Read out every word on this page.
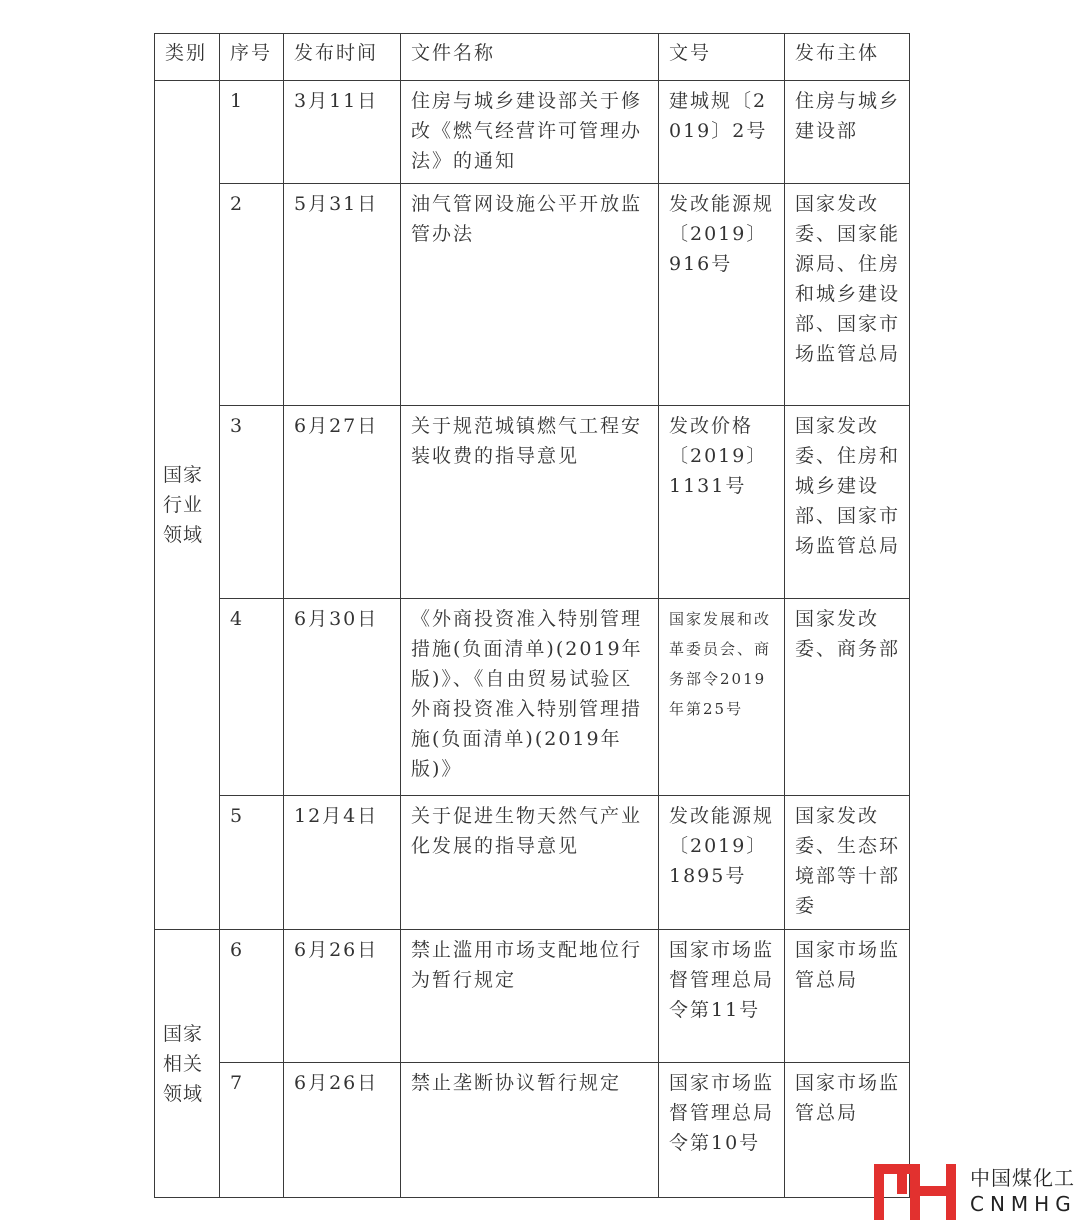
类别	序号	发布时间	文件名称	文号	发布主体
国家行业领域	1	3月11日	住房与城乡建设部关于修改《燃气经营许可管理办法》的通知	建城规〔2019〕2号	住房与城乡建设部
	2	5月31日	油气管网设施公平开放监管办法	发改能源规〔2019〕916号	国家发改委、国家能源局、住房和城乡建设部、国家市场监管总局
	3	6月27日	关于规范城镇燃气工程安装收费的指导意见	发改价格〔2019〕1131号	国家发改委、住房和城乡建设部、国家市场监管总局
	4	6月30日	《外商投资准入特别管理措施(负面清单)(2019年版)》、《自由贸易试验区外商投资准入特别管理措施(负面清单)(2019年版)》	国家发展和改革委员会、商务部令2019年第25号	国家发改委、商务部
	5	12月4日	关于促进生物天然气产业化发展的指导意见	发改能源规〔2019〕1895号	国家发改委、生态环境部等十部委
国家相关领域	6	6月26日	禁止滥用市场支配地位行为暂行规定	国家市场监督管理总局令第11号	国家市场监管总局
	7	6月26日	禁止垄断协议暂行规定	国家市场监督管理总局令第10号	国家市场监管总局
中国煤化工
CNMHG
